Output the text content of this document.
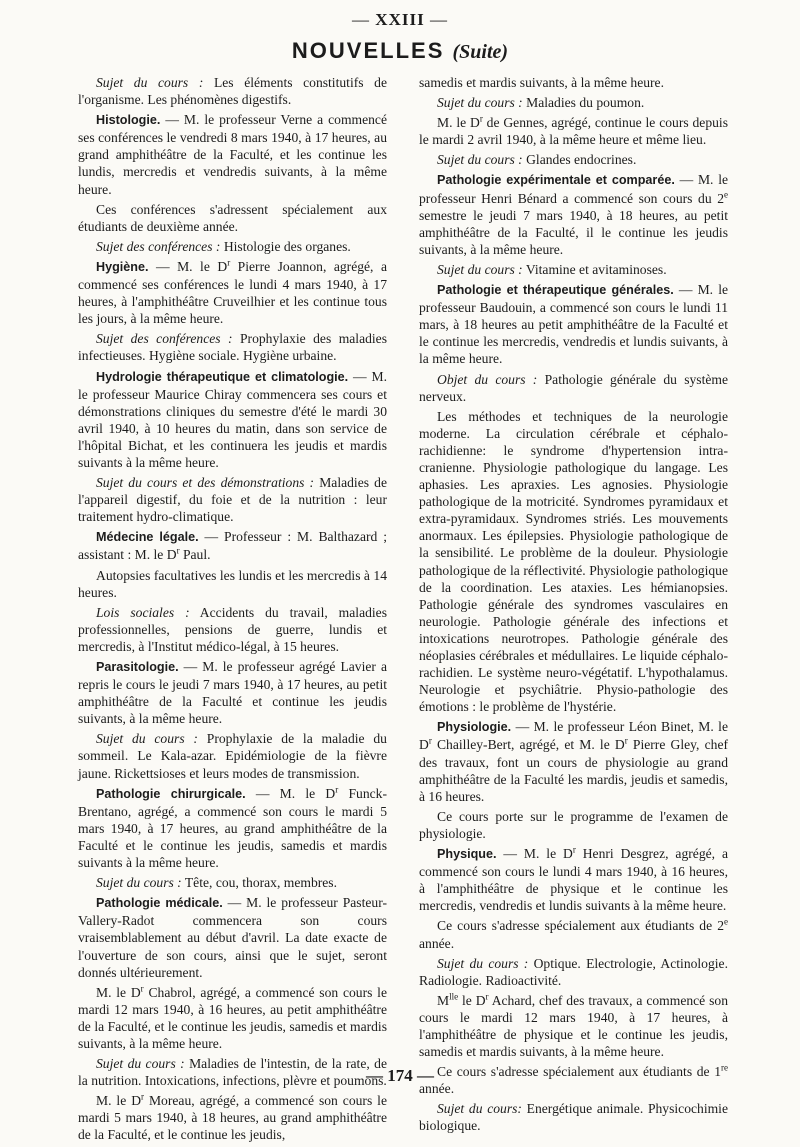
— XXIII —
NOUVELLES (Suite)

Sujet du cours : Les éléments constitutifs de l'organisme. Les phénomènes digestifs.

Histologie. — M. le professeur Verne a commencé ses conférences le vendredi 8 mars 1940, à 17 heures, au grand amphithéâtre de la Faculté, et les continue les lundis, mercredis et vendredis suivants, à la même heure.

Ces conférences s'adressent spécialement aux étudiants de deuxième année.

Sujet des conférences : Histologie des organes.

Hygiène. — M. le $D^r$ Pierre Joannon, agrégé, a commencé ses conférences le lundi 4 mars 1940, à 17 heures, à l'amphithéâtre Cruveilhier et les continue tous les jours, à la même heure.

Sujet des conférences : Prophylaxie des maladies infectieuses. Hygiène sociale. Hygiène urbaine.

Hydrologie thérapeutique et climatologie. — M. le professeur Maurice Chiray commencera ses cours et démonstrations cliniques du semestre d'été le mardi 30 avril 1940, à 10 heures du matin, dans son service de l'hôpital Bichat, et les continuera les jeudis et mardis suivants à la même heure.

Sujet du cours et des démonstrations : Maladies de l'appareil digestif, du foie et de la nutrition : leur traitement hydro-climatique.

Médecine légale. — Professeur : M. Balthazard ; assistant : M. le $D^r$ Paul.

Autopsies facultatives les lundis et les mercredis à 14 heures.

Lois sociales : Accidents du travail, maladies professionnelles, pensions de guerre, lundis et mercredis, à l'Institut médico-légal, à 15 heures.

Parasitologie. — M. le professeur agrégé Lavier a repris le cours le jeudi 7 mars 1940, à 17 heures, au petit amphithéâtre de la Faculté et continue les jeudis suivants, à la même heure.

Sujet du cours : Prophylaxie de la maladie du sommeil. Le Kala-azar. Epidémiologie de la fièvre jaune. Rickettsioses et leurs modes de transmission.

Pathologie chirurgicale. — M. le $D^r$ Funck-Brentano, agrégé, a commencé son cours le mardi 5 mars 1940, à 17 heures, au grand amphithéâtre de la Faculté et le continue les jeudis, samedis et mardis suivants à la même heure.

Sujet du cours : Tête, cou, thorax, membres.

Pathologie médicale. — M. le professeur Pasteur-Vallery-Radot commencera son cours vraisemblablement au début d'avril. La date exacte de l'ouverture de son cours, ainsi que le sujet, seront donnés ultérieurement.

M. le $D^r$ Chabrol, agrégé, a commencé son cours le mardi 12 mars 1940, à 16 heures, au petit amphithéâtre de la Faculté, et le continue les jeudis, samedis et mardis suivants, à la même heure.

Sujet du cours : Maladies de l'intestin, de la rate, de la nutrition. Intoxications, infections, plèvre et poumons.

M. le $D^r$ Moreau, agrégé, a commencé son cours le mardi 5 mars 1940, à 18 heures, au grand amphithéâtre de la Faculté, et le continue les jeudis,

samedis et mardis suivants, à la même heure.

Sujet du cours : Maladies du poumon.

M. le $D^r$ de Gennes, agrégé, continue le cours depuis le mardi 2 avril 1940, à la même heure et même lieu.

Sujet du cours : Glandes endocrines.

Pathologie expérimentale et comparée. — M. le professeur Henri Bénard a commencé son cours du 2e semestre le jeudi 7 mars 1940, à 18 heures, au petit amphithéâtre de la Faculté, il le continue les jeudis suivants, à la même heure.

Sujet du cours : Vitamine et avitaminoses.

Pathologie et thérapeutique générales. — M. le professeur Baudouin, a commencé son cours le lundi 11 mars, à 18 heures au petit amphithéâtre de la Faculté et le continue les mercredis, vendredis et lundis suivants, à la même heure.

Objet du cours : Pathologie générale du système nerveux.

Les méthodes et techniques de la neurologie moderne. La circulation cérébrale et céphalo-rachidienne: le syndrome d'hypertension intra-cranienne. Physiologie pathologique du langage. Les aphasies. Les apraxies. Les agnosies. Physiologie pathologique de la motricité. Syndromes pyramidaux et extra-pyramidaux. Syndromes striés. Les mouvements anormaux. Les épilepsies. Physiologie pathologique de la sensibilité. Le problème de la douleur. Physiologie pathologique de la réflectivité. Physiologie pathologique de la coordination. Les ataxies. Les hémianopsies. Pathologie générale des syndromes vasculaires en neurologie. Pathologie générale des infections et intoxications neurotropes. Pathologie générale des néoplasies cérébrales et médullaires. Le liquide céphalo-rachidien. Le système neuro-végétatif. L'hypothalamus. Neurologie et psychiâtrie. Physio-pathologie des émotions : le problème de l'hystérie.

Physiologie. — M. le professeur Léon Binet, M. le $D^r$ Chailley-Bert, agrégé, et M. le $D^r$ Pierre Gley, chef des travaux, font un cours de physiologie au grand amphithéâtre de la Faculté les mardis, jeudis et samedis, à 16 heures.

Ce cours porte sur le programme de l'examen de physiologie.

Physique. — M. le $D^r$ Henri Desgrez, agrégé, a commencé son cours le lundi 4 mars 1940, à 16 heures, à l'amphithéâtre de physique et le continue les mercredis, vendredis et lundis suivants à la même heure.

Ce cours s'adresse spécialement aux étudiants de 2e année.

Sujet du cours : Optique. Electrologie, Actinologie. Radiologie. Radioactivité.

$M^{lle}$ le $D^r$ Achard, chef des travaux, a commencé son cours le mardi 12 mars 1940, à 17 heures, à l'amphithéâtre de physique et le continue les jeudis, samedis et mardis suivants, à la même heure.

Ce cours s'adresse spécialement aux étudiants de 1re année.

Sujet du cours: Energétique animale. Physicochimie biologique.

— 174 —
